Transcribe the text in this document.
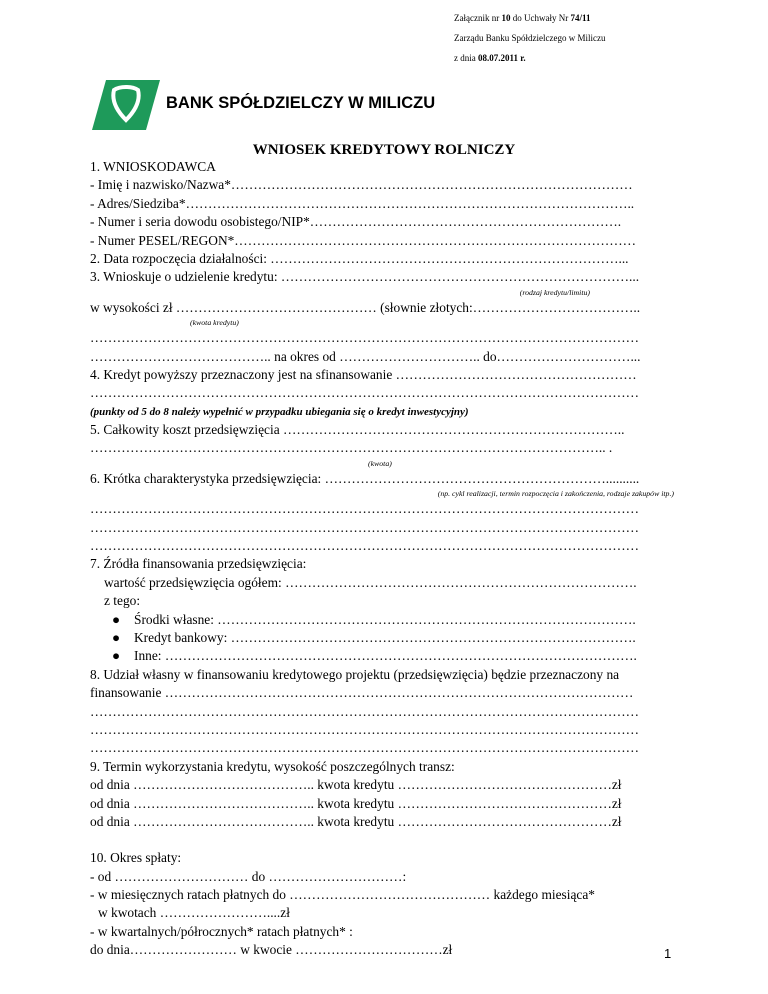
Załącznik nr 10 do Uchwały Nr 74/11
Zarządu Banku Spółdzielczego w Miliczu
z dnia 08.07.2011 r.
BANK SPÓŁDZIELCZY W MILICZU
WNIOSEK KREDYTOWY ROLNICZY
1. WNIOSKODAWCA
- Imię i nazwisko/Nazwa*………………………………………………………………………………
- Adres/Siedziba*………………………………………………………………………………………..
- Numer i seria dowodu osobistego/NIP*…………………………………………………………….
- Numer PESEL/REGON*………………………………………………………………………………
2. Data rozpoczęcia działalności: ……………………………………………………………………...
3. Wnioskuje o udzielenie kredytu: ……………………………………………………………………...
(rodzaj kredytu/limitu)
w wysokości zł ……………………………………… (słownie złotych:………………………………..
(kwota kredytu)
……………………………………………………………………………………………………………
………………………………….. na okres od ………………………….. do…………………………...
4. Kredyt powyższy przeznaczony jest na sfinansowanie ………………………………………………
……………………………………………………………………………………………………………
(punkty od 5 do 8 należy wypełnić w przypadku ubiegania się o kredyt inwestycyjny)
5. Całkowity koszt przedsięwzięcia …………………………………………………………………..
…………………………………………………………………………………………………….. .
(kwota)
6. Krótka charakterystyka przedsięwzięcia: ………………………………………………………..........
(np. cykl realizacji, termin rozpoczęcia i zakończenia, rodzaje zakupów itp.)
……………………………………………………………………………………………………………
……………………………………………………………………………………………………………
……………………………………………………………………………………………………………
7. Źródła finansowania przedsięwzięcia:
wartość przedsięwzięcia ogółem: …………………………………………………………………….
z tego:
● Środki własne: ………………………………………………………………………………….
● Kredyt bankowy: ……………………………………………………………………………….
● Inne: …………………………………………………………………………………………….
8. Udział własny w finansowaniu kredytowego projektu (przedsięwzięcia) będzie przeznaczony na
finansowanie ……………………………………………………………………………………………
……………………………………………………………………………………………………………
……………………………………………………………………………………………………………
……………………………………………………………………………………………………………
9. Termin wykorzystania kredytu, wysokość poszczególnych transz:
od dnia ………………………………….. kwota kredytu …………………………………………zł
od dnia ………………………………….. kwota kredytu …………………………………………zł
od dnia ………………………………….. kwota kredytu …………………………………………zł
10. Okres spłaty:
- od ………………………… do …………………………:
- w miesięcznych ratach płatnych do ……………………………………… każdego miesiąca*
w kwotach ……………………....zł
- w kwartalnych/półrocznych* ratach płatnych* :
do dnia…………………… w kwocie ……………………………zł	1
